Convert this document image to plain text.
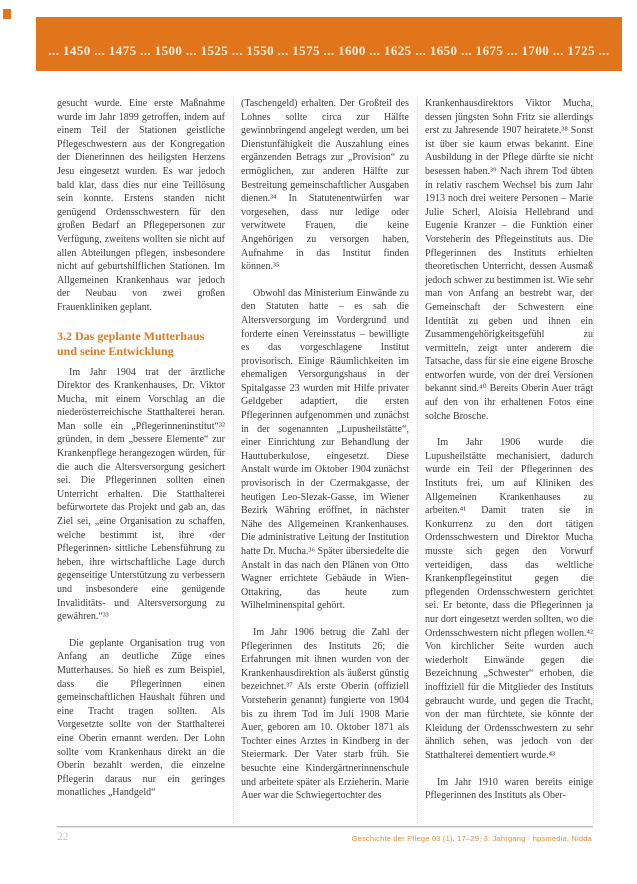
... 1450 ... 1475 ... 1500 ... 1525 ... 1550 ... 1575 ... 1600 ... 1625 ... 1650 ... 1675 ... 1700 ... 1725 ...

gesucht wurde. Eine erste Maßnahme wurde im Jahr 1899 getroffen, indem auf einem Teil der Stationen geistliche Pflegeschwestern aus der Kongregation der Dienerinnen des heiligsten Herzens Jesu eingesetzt wurden. Es war jedoch bald klar, dass dies nur eine Teillösung sein konnte. Erstens standen nicht genügend Ordensschwestern für den großen Bedarf an Pflegepersonen zur Verfügung, zweitens wollten sie nicht auf allen Abteilungen pflegen, insbesondere nicht auf geburtshilflichen Stationen. Im Allgemeinen Krankenhaus war jedoch der Neubau von zwei großen Frauenkliniken geplant.

3.2 Das geplante Mutterhaus und seine Entwicklung

Im Jahr 1904 trat der ärztliche Direktor des Krankenhauses, Dr. Viktor Mucha, mit einem Vorschlag an die niederösterreichische Statthalterei heran. Man solle ein „Pflegerinneninstitut“³² gründen, in dem „bessere Elemente“ zur Krankenpflege herangezogen würden, für die auch die Altersversorgung gesichert sei. Die Pflegerinnen sollten einen Unterricht erhalten. Die Statthalterei befürwortete das Projekt und gab an, das Ziel sei, „eine Organisation zu schaffen, welche bestimmt ist, ihre ‹der Pflegerinnen› sittliche Lebensführung zu heben, ihre wirtschaftliche Lage durch gegenseitige Unterstützung zu verbessern und insbesondere eine genügende Invaliditäts- und Altersversorgung zu gewähren.“³³

Die geplante Organisation trug von Anfang an deutliche Züge eines Mutterhauses. So hieß es zum Beispiel, dass die Pflegerinnen einen gemeinschaftlichen Haushalt führen und eine Tracht tragen sollten. Als Vorgesetzte sollte von der Statthalterei eine Oberin ernannt werden. Der Lohn sollte vom Krankenhaus direkt an die Oberin bezahlt werden, die einzelne Pflegerin daraus nur ein geringes monatliches „Handgeld“

(Taschengeld) erhalten. Der Großteil des Lohnes sollte circa zur Hälfte gewinnbringend angelegt werden, um bei Dienstunfähigkeit die Auszahlung eines ergänzenden Betrags zur „Provision“ zu ermöglichen, zur anderen Hälfte zur Bestreitung gemeinschaftlicher Ausgaben dienen.³⁴ In Statutenentwürfen war vorgesehen, dass nur ledige oder verwitwete Frauen, die keine Angehörigen zu versorgen haben, Aufnahme in das Institut finden können.³⁵

Obwohl das Ministerium Einwände zu den Statuten hatte – es sah die Altersversorgung im Vordergrund und forderte einen Vereinsstatus – bewilligte es das vorgeschlagene Institut provisorisch. Einige Räumlichkeiten im ehemaligen Versorgungshaus in der Spitalgasse 23 wurden mit Hilfe privater Geldgeber adaptiert, die ersten Pflegerinnen aufgenommen und zunächst in der sogenannten „Lupusheilstätte“, einer Einrichtung zur Behandlung der Hauttuberkulose, eingesetzt. Diese Anstalt wurde im Oktober 1904 zunächst provisorisch in der Czermakgasse, der heutigen Leo-Slezak-Gasse, im Wiener Bezirk Währing eröffnet, in nächster Nähe des Allgemeinen Krankenhauses. Die administrative Leitung der Institution hatte Dr. Mucha.³⁶ Später übersiedelte die Anstalt in das nach den Plänen von Otto Wagner errichtete Gebäude in Wien-Ottakring, das heute zum Wilhelminenspital gehört.

Im Jahr 1906 betrug die Zahl der Pflegerinnen des Instituts 26; die Erfahrungen mit ihnen wurden von der Krankenhausdirektion als äußerst günstig bezeichnet.³⁷ Als erste Oberin (offiziell Vorsteherin genannt) fungierte von 1904 bis zu ihrem Tod im Juli 1908 Marie Auer, geboren am 10. Oktober 1871 als Tochter eines Arztes in Kindberg in der Steiermark. Der Vater starb früh. Sie besuchte eine Kindergärtnerinnenschule und arbeitete später als Erzieherin. Marie Auer war die Schwiegertochter des

Krankenhausdirektors Viktor Mucha, dessen jüngsten Sohn Fritz sie allerdings erst zu Jahresende 1907 heiratete.³⁸ Sonst ist über sie kaum etwas bekannt. Eine Ausbildung in der Pflege dürfte sie nicht besessen haben.³⁹ Nach ihrem Tod übten in relativ raschem Wechsel bis zum Jahr 1913 noch drei weitere Personen – Marie Julie Scherl, Aloisia Hellebrand und Eugenie Kranzer – die Funktion einer Vorsteherin des Pflegeinstituts aus. Die Pflegerinnen des Instituts erhielten theoretischen Unterricht, dessen Ausmaß jedoch schwer zu bestimmen ist. Wie sehr man von Anfang an bestrebt war, der Gemeinschaft der Schwestern eine Identität zu geben und ihnen ein Zusammengehörigkeitsgefühl zu vermitteln, zeigt unter anderem die Tatsache, dass für sie eine eigene Brosche entworfen wurde, von der drei Versionen bekannt sind.⁴⁰ Bereits Oberin Auer trägt auf den von ihr erhaltenen Fotos eine solche Brosche.

Im Jahr 1906 wurde die Lupusheilstätte mechanisiert, dadurch wurde ein Teil der Pflegerinnen des Instituts frei, um auf Kliniken des Allgemeinen Krankenhauses zu arbeiten.⁴¹ Damit traten sie in Konkurrenz zu den dort tätigen Ordensschwestern und Direktor Mucha musste sich gegen den Vorwurf verteidigen, dass das weltliche Krankenpflegeinstitut gegen die pflegenden Ordensschwestern gerichtet sei. Er betonte, dass die Pflegerinnen ja nur dort eingesetzt werden sollten, wo die Ordensschwestern nicht pflegen wollen.⁴² Von kirchlicher Seite wurden auch wiederholt Einwände gegen die Bezeichnung „Schwester“ erhoben, die inoffiziell für die Mitglieder des Instituts gebraucht wurde, und gegen die Tracht, von der man fürchtete, sie könnte der Kleidung der Ordensschwestern zu sehr ähnlich sehen, was jedoch von der Statthalterei dementiert wurde.⁴³

Im Jahr 1910 waren bereits einige Pflegerinnen des Instituts als Ober-

22	Geschichte der Pflege 03 (1), 17–29, 3. Jahrgang · hpsmedia, Nidda
